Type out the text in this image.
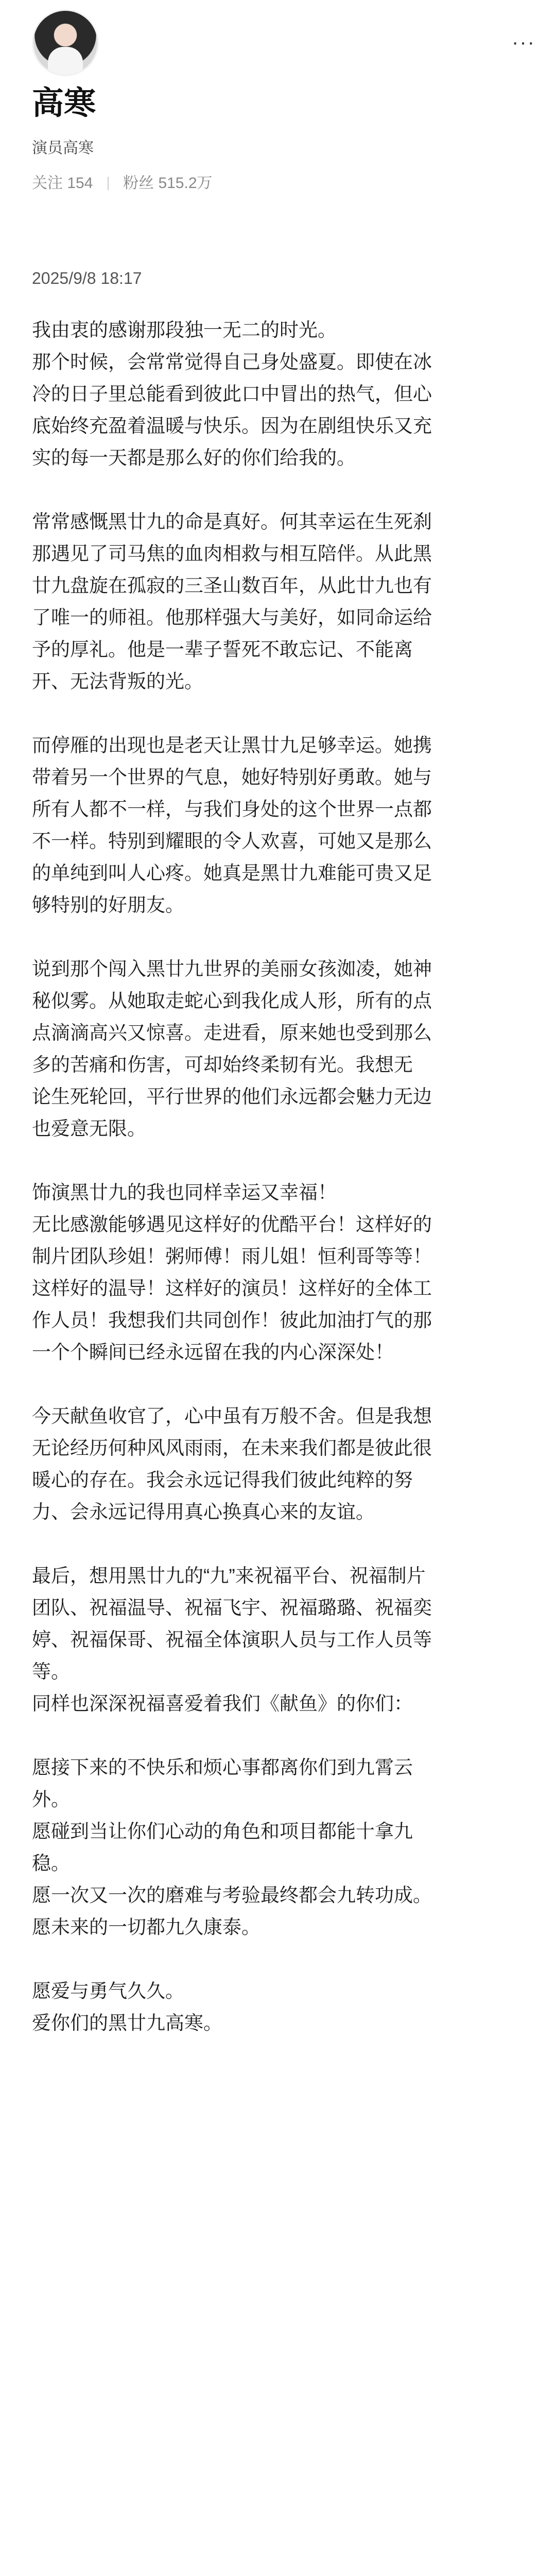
···
高寒
演员高寒
关注 154 粉丝 515.2万
2025/9/8 18:17
我由衷的感谢那段独一无二的时光。
那个时候，会常常觉得自己身处盛夏。即使在冰
冷的日子里总能看到彼此口中冒出的热气，但心
底始终充盈着温暖与快乐。因为在剧组快乐又充
实的每一天都是那么好的你们给我的。
常常感慨黑廿九的命是真好。何其幸运在生死刹
那遇见了司马焦的血肉相救与相互陪伴。从此黑
廿九盘旋在孤寂的三圣山数百年，从此廿九也有
了唯一的师祖。他那样强大与美好，如同命运给
予的厚礼。他是一辈子誓死不敢忘记、不能离
开、无法背叛的光。
而停雁的出现也是老天让黑廿九足够幸运。她携
带着另一个世界的气息，她好特别好勇敢。她与
所有人都不一样，与我们身处的这个世界一点都
不一样。特别到耀眼的令人欢喜，可她又是那么
的单纯到叫人心疼。她真是黑廿九难能可贵又足
够特别的好朋友。
说到那个闯入黑廿九世界的美丽女孩洳凌，她神
秘似雾。从她取走蛇心到我化成人形，所有的点
点滴滴高兴又惊喜。走进看，原来她也受到那么
多的苦痛和伤害，可却始终柔韧有光。我想无
论生死轮回，平行世界的他们永远都会魅力无边
也爱意无限。
饰演黑廿九的我也同样幸运又幸福！
无比感激能够遇见这样好的优酷平台！这样好的
制片团队珍姐！粥师傅！雨儿姐！恒利哥等等！
这样好的温导！这样好的演员！这样好的全体工
作人员！我想我们共同创作！彼此加油打气的那
一个个瞬间已经永远留在我的内心深深处！
今天献鱼收官了，心中虽有万般不舍。但是我想
无论经历何种风风雨雨，在未来我们都是彼此很
暖心的存在。我会永远记得我们彼此纯粹的努
力、会永远记得用真心换真心来的友谊。
最后，想用黑廿九的“九”来祝福平台、祝福制片
团队、祝福温导、祝福飞宇、祝福璐璐、祝福奕
婷、祝福保哥、祝福全体演职人员与工作人员等
等。
同样也深深祝福喜爱着我们《献鱼》的你们：
愿接下来的不快乐和烦心事都离你们到九霄云
外。
愿碰到当让你们心动的角色和项目都能十拿九
稳。
愿一次又一次的磨难与考验最终都会九转功成。
愿未来的一切都九久康泰。
愿爱与勇气久久。
爱你们的黑廿九高寒。
